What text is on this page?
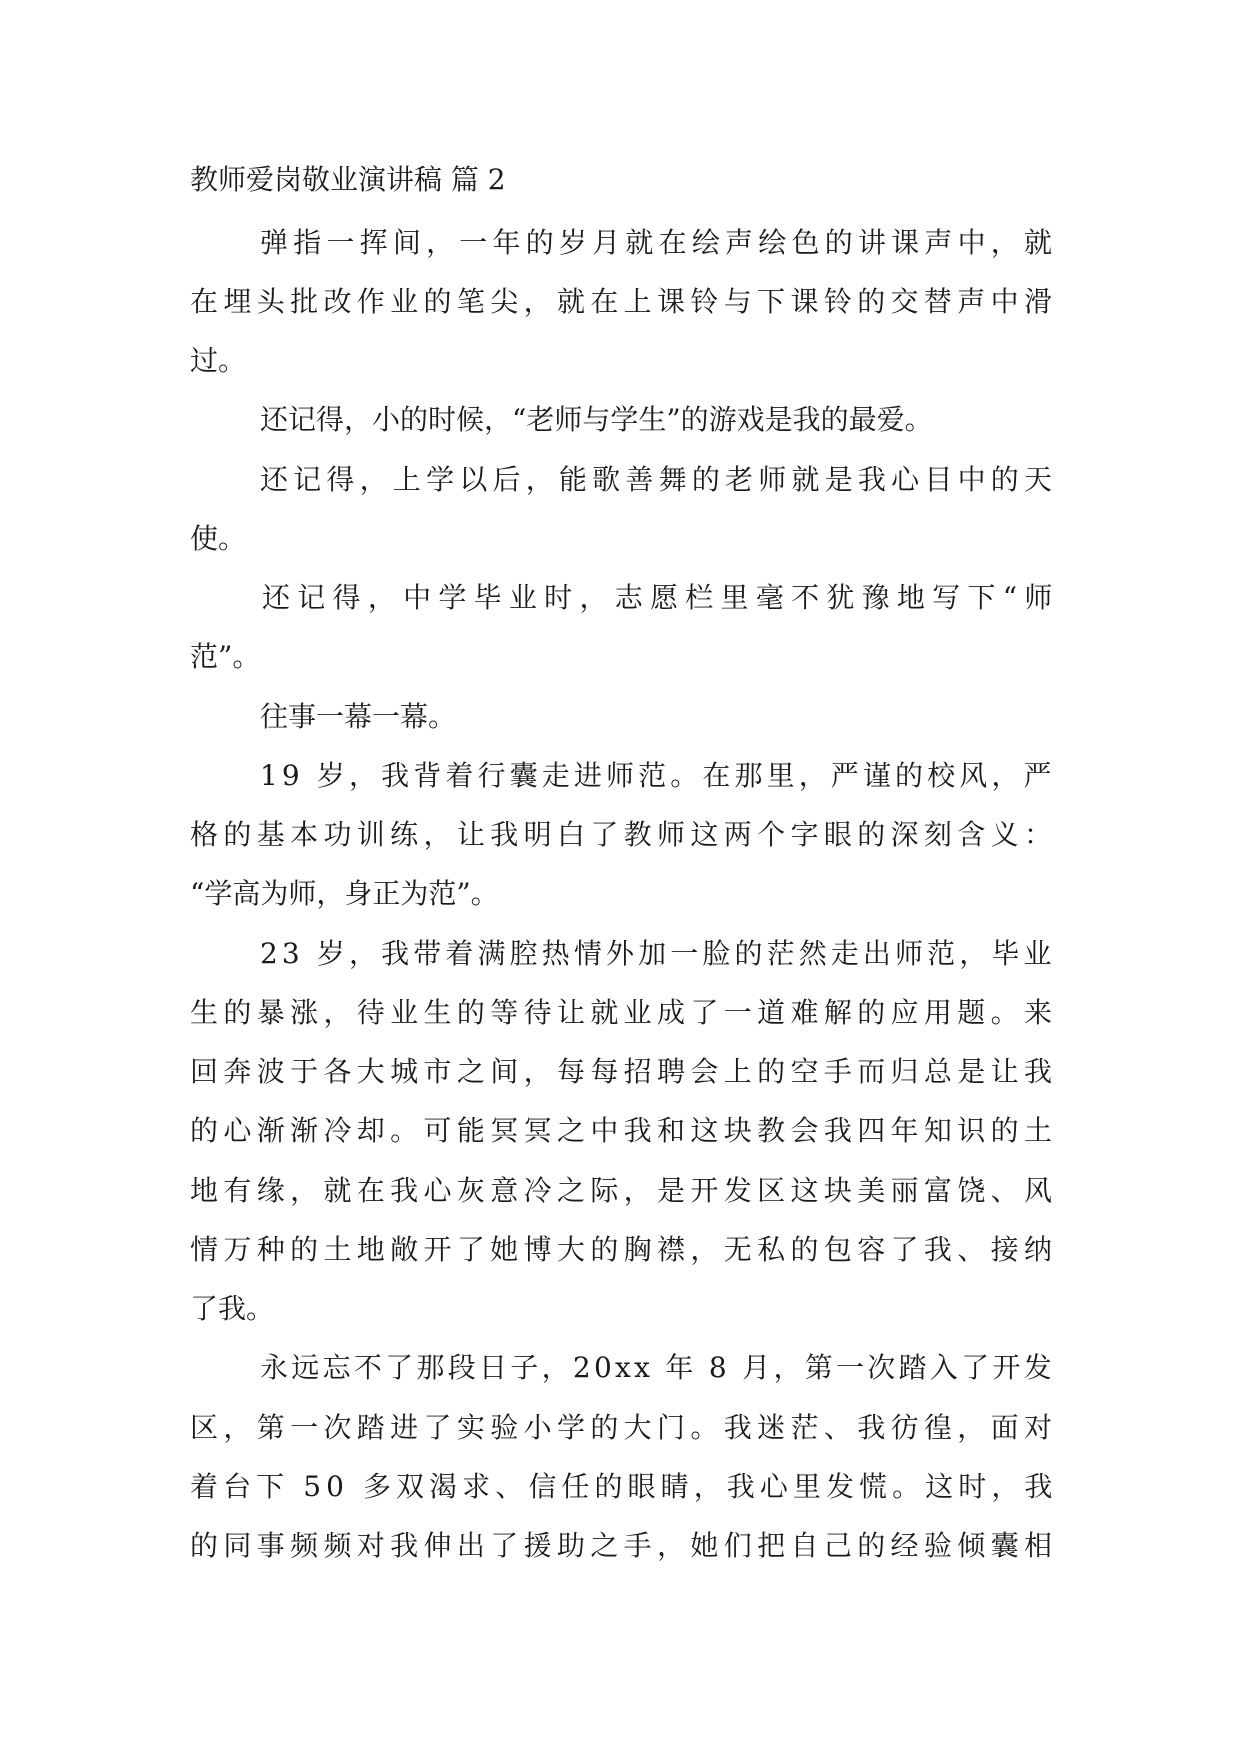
教师爱岗敬业演讲稿 篇 2
弹指一挥间，一年的岁月就在绘声绘色的讲课声中，就
在埋头批改作业的笔尖，就在上课铃与下课铃的交替声中滑
过。
还记得，小的时候，“老师与学生”的游戏是我的最爱。
还记得，上学以后，能歌善舞的老师就是我心目中的天
使。
还记得，中学毕业时，志愿栏里毫不犹豫地写下“师
范”。
往事一幕一幕。
19 岁，我背着行囊走进师范。在那里，严谨的校风，严
格的基本功训练，让我明白了教师这两个字眼的深刻含义：
“学高为师，身正为范”。
23 岁，我带着满腔热情外加一脸的茫然走出师范，毕业
生的暴涨，待业生的等待让就业成了一道难解的应用题。来
回奔波于各大城市之间，每每招聘会上的空手而归总是让我
的心渐渐冷却。可能冥冥之中我和这块教会我四年知识的土
地有缘，就在我心灰意冷之际，是开发区这块美丽富饶、风
情万种的土地敞开了她博大的胸襟，无私的包容了我、接纳
了我。
永远忘不了那段日子，20xx 年 8 月，第一次踏入了开发
区，第一次踏进了实验小学的大门。我迷茫、我彷徨，面对
着台下 50 多双渴求、信任的眼睛，我心里发慌。这时，我
的同事频频对我伸出了援助之手，她们把自己的经验倾囊相
